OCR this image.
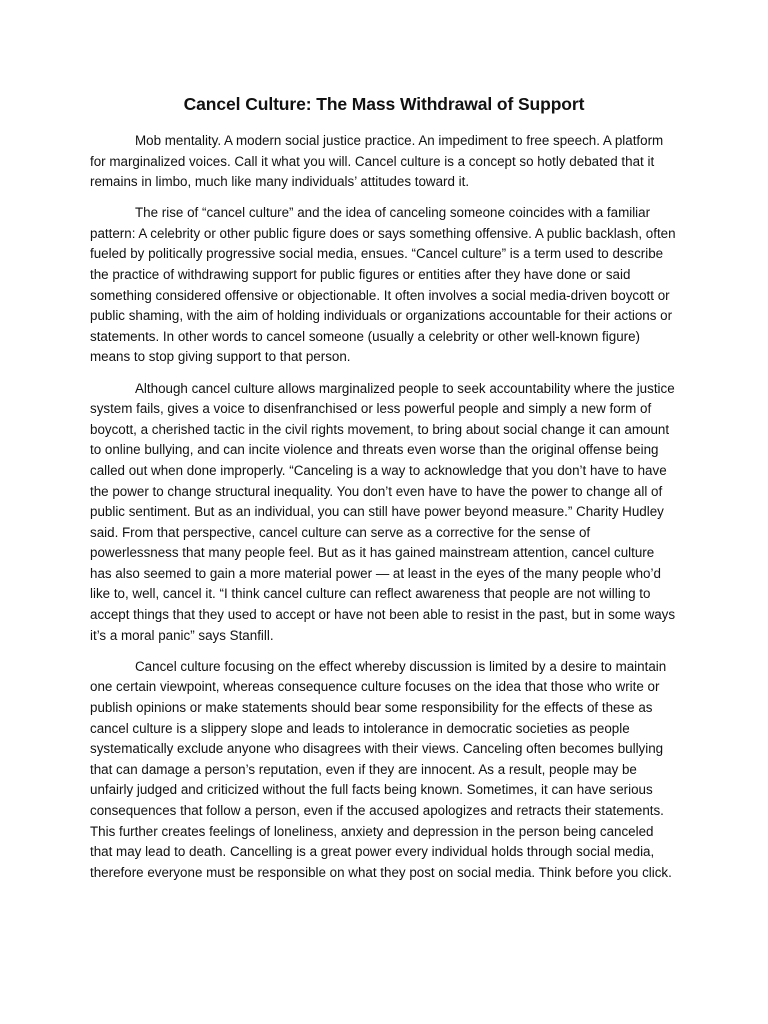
Cancel Culture: The Mass Withdrawal of Support

Mob mentality. A modern social justice practice. An impediment to free speech. A platform for marginalized voices. Call it what you will. Cancel culture is a concept so hotly debated that it remains in limbo, much like many individuals’ attitudes toward it.

The rise of “cancel culture” and the idea of canceling someone coincides with a familiar pattern: A celebrity or other public figure does or says something offensive. A public backlash, often fueled by politically progressive social media, ensues. “Cancel culture” is a term used to describe the practice of withdrawing support for public figures or entities after they have done or said something considered offensive or objectionable. It often involves a social media-driven boycott or public shaming, with the aim of holding individuals or organizations accountable for their actions or statements. In other words to cancel someone (usually a celebrity or other well-known figure) means to stop giving support to that person.

Although cancel culture allows marginalized people to seek accountability where the justice system fails, gives a voice to disenfranchised or less powerful people and simply a new form of boycott, a cherished tactic in the civil rights movement, to bring about social change it can amount to online bullying, and can incite violence and threats even worse than the original offense being called out when done improperly. “Canceling is a way to acknowledge that you don’t have to have the power to change structural inequality. You don’t even have to have the power to change all of public sentiment. But as an individual, you can still have power beyond measure.” Charity Hudley said. From that perspective, cancel culture can serve as a corrective for the sense of powerlessness that many people feel. But as it has gained mainstream attention, cancel culture has also seemed to gain a more material power — at least in the eyes of the many people who’d like to, well, cancel it. “I think cancel culture can reflect awareness that people are not willing to accept things that they used to accept or have not been able to resist in the past, but in some ways it’s a moral panic” says Stanfill.

Cancel culture focusing on the effect whereby discussion is limited by a desire to maintain one certain viewpoint, whereas consequence culture focuses on the idea that those who write or publish opinions or make statements should bear some responsibility for the effects of these as cancel culture is a slippery slope and leads to intolerance in democratic societies as people systematically exclude anyone who disagrees with their views. Canceling often becomes bullying that can damage a person’s reputation, even if they are innocent. As a result, people may be unfairly judged and criticized without the full facts being known. Sometimes, it can have serious consequences that follow a person, even if the accused apologizes and retracts their statements. This further creates feelings of loneliness, anxiety and depression in the person being canceled that may lead to death. Cancelling is a great power every individual holds through social media, therefore everyone must be responsible on what they post on social media. Think before you click.
